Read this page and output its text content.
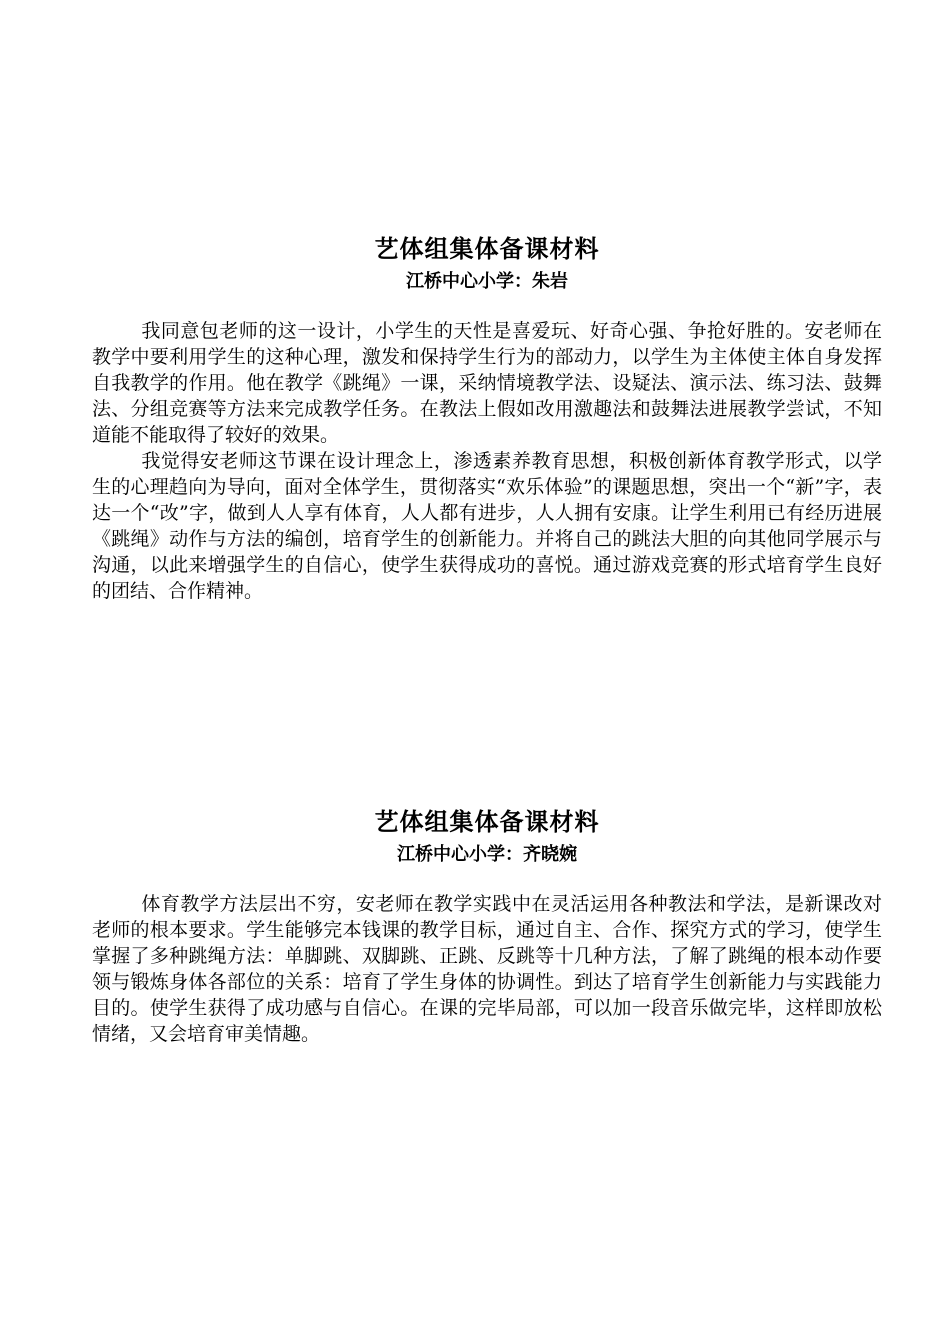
艺体组集体备课材料
江桥中心小学：朱岩

我同意包老师的这一设计，小学生的天性是喜爱玩、好奇心强、争抢好胜的。安老师在教学中要利用学生的这种心理，激发和保持学生行为的部动力，以学生为主体使主体自身发挥自我教学的作用。他在教学《跳绳》一课，采纳情境教学法、设疑法、演示法、练习法、鼓舞法、分组竞赛等方法来完成教学任务。在教法上假如改用激趣法和鼓舞法进展教学尝试，不知道能不能取得了较好的效果。

我觉得安老师这节课在设计理念上，渗透素养教育思想，积极创新体育教学形式，以学生的心理趋向为导向，面对全体学生，贯彻落实“欢乐体验”的课题思想，突出一个“新”字，表达一个“改”字，做到人人享有体育，人人都有进步，人人拥有安康。让学生利用已有经历进展《跳绳》动作与方法的编创，培育学生的创新能力。并将自己的跳法大胆的向其他同学展示与沟通，以此来增强学生的自信心，使学生获得成功的喜悦。通过游戏竞赛的形式培育学生良好的团结、合作精神。

艺体组集体备课材料
江桥中心小学：齐晓婉

体育教学方法层出不穷，安老师在教学实践中在灵活运用各种教法和学法，是新课改对老师的根本要求。学生能够完本钱课的教学目标，通过自主、合作、探究方式的学习，使学生掌握了多种跳绳方法：单脚跳、双脚跳、正跳、反跳等十几种方法，了解了跳绳的根本动作要领与锻炼身体各部位的关系：培育了学生身体的协调性。到达了培育学生创新能力与实践能力目的。使学生获得了成功感与自信心。在课的完毕局部，可以加一段音乐做完毕，这样即放松情绪，又会培育审美情趣。
